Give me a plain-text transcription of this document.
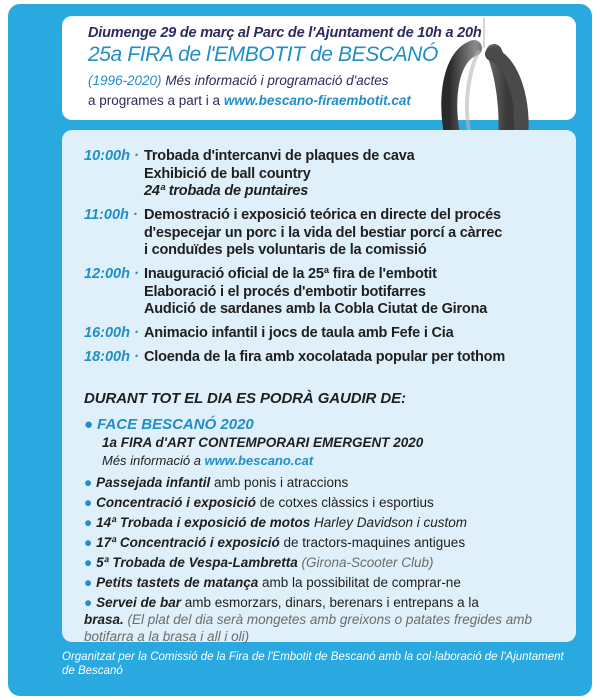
Diumenge 29 de març al Parc de l'Ajuntament de 10h a 20h
25a FIRA de l'EMBOTIT de BESCANÓ
(1996-2020) Més informació i programació d'actes
a programes a part i a www.bescano-firaembotit.cat
10:00h · Trobada d'intercanvi de plaques de cava
Exhibició de ball country
24ª trobada de puntaires
11:00h · Demostració i exposició teórica en directe del procés
d'especejar un porc i la vida del bestiar porcí a càrrec
i conduïdes pels voluntaris de la comissió
12:00h · Inauguració oficial de la 25ª fira de l'embotit
Elaboració i el procés d'embotir botifarres
Audició de sardanes amb la Cobla Ciutat de Girona
16:00h · Animacio infantil i jocs de taula amb Fefe i Cia
18:00h · Cloenda de la fira amb xocolatada popular per tothom
DURANT TOT EL DIA ES PODRÀ GAUDIR DE:
● FACE BESCANÓ 2020
1a FIRA d'ART CONTEMPORARI EMERGENT 2020
Més informació a www.bescano.cat
● Passejada infantil amb ponis i atraccions
● Concentració i exposició de cotxes clàssics i esportius
● 14ª Trobada i exposició de motos Harley Davidson i custom
● 17ª Concentració i exposició de tractors-maquines antigues
● 5ª Trobada de Vespa-Lambretta (Girona-Scooter Club)
● Petits tastets de matança amb la possibilitat de comprar-ne
● Servei de bar amb esmorzars, dinars, berenars i entrepans a la
brasa. (El plat del dia serà mongetes amb greixons o patates fregides amb botifarra a la brasa i all i oli)
Organitzat per la Comissió de la Fira de l'Embotit de Bescanó amb la col·laboració de l'Ajuntament de Bescanó
